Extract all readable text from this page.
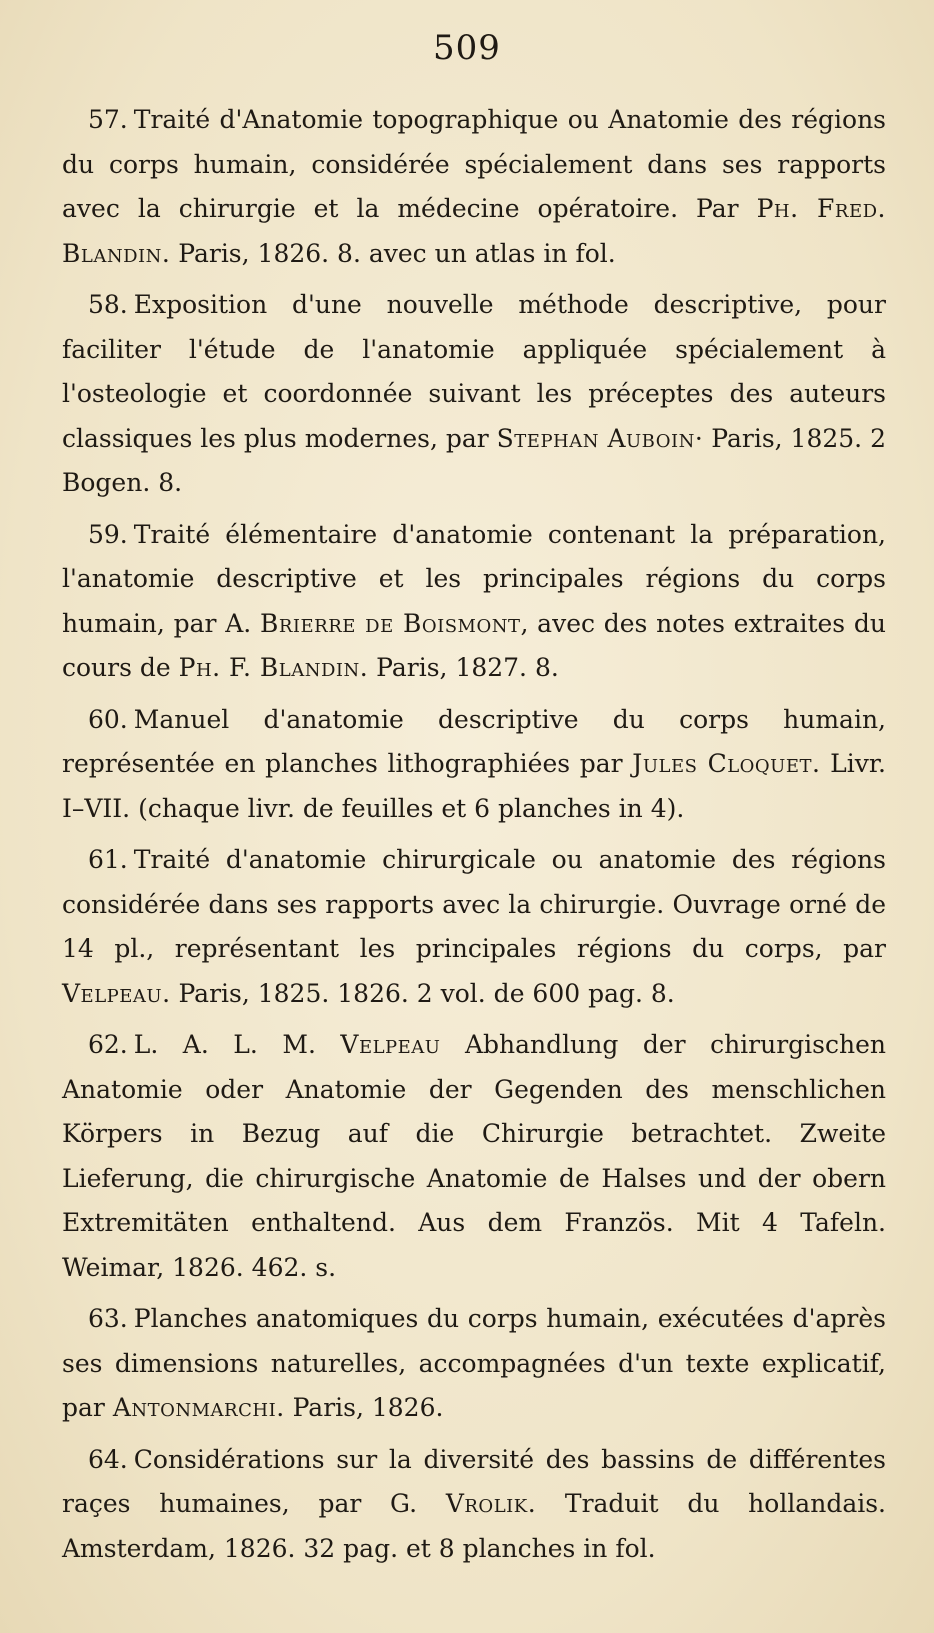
509

57. Traité d'Anatomie topographique ou Anatomie des régions du corps humain, considérée spécialement dans ses rapports avec la chirurgie et la médecine opératoire. Par Ph. Fred. Blandin. Paris, 1826. 8. avec un atlas in fol.

58. Exposition d'une nouvelle méthode descriptive, pour faciliter l'étude de l'anatomie appliquée spécialement à l'osteologie et coordonnée suivant les préceptes des auteurs classiques les plus modernes, par Stephan Auboin· Paris, 1825. 2 Bogen. 8.

59. Traité élémentaire d'anatomie contenant la préparation, l'anatomie descriptive et les principales régions du corps humain, par A. Brierre de Boismont, avec des notes extraites du cours de Ph. F. Blandin. Paris, 1827. 8.

60. Manuel d'anatomie descriptive du corps humain, représentée en planches lithographiées par Jules Cloquet. Livr. I–VII. (chaque livr. de feuilles et 6 planches in 4).

61. Traité d'anatomie chirurgicale ou anatomie des régions considérée dans ses rapports avec la chirurgie. Ouvrage orné de 14 pl., représentant les principales régions du corps, par Velpeau. Paris, 1825. 1826. 2 vol. de 600 pag. 8.

62. L. A. L. M. Velpeau Abhandlung der chirurgischen Anatomie oder Anatomie der Gegenden des menschlichen Körpers in Bezug auf die Chirurgie betrachtet. Zweite Lieferung, die chirurgische Anatomie de Halses und der obern Extremitäten enthaltend. Aus dem Französ. Mit 4 Tafeln. Weimar, 1826. 462. s.

63. Planches anatomiques du corps humain, exécutées d'après ses dimensions naturelles, accompagnées d'un texte explicatif, par Antonmarchi. Paris, 1826.

64. Considérations sur la diversité des bassins de différentes raçes humaines, par G. Vrolik. Traduit du hollandais. Amsterdam, 1826. 32 pag. et 8 planches in fol.
